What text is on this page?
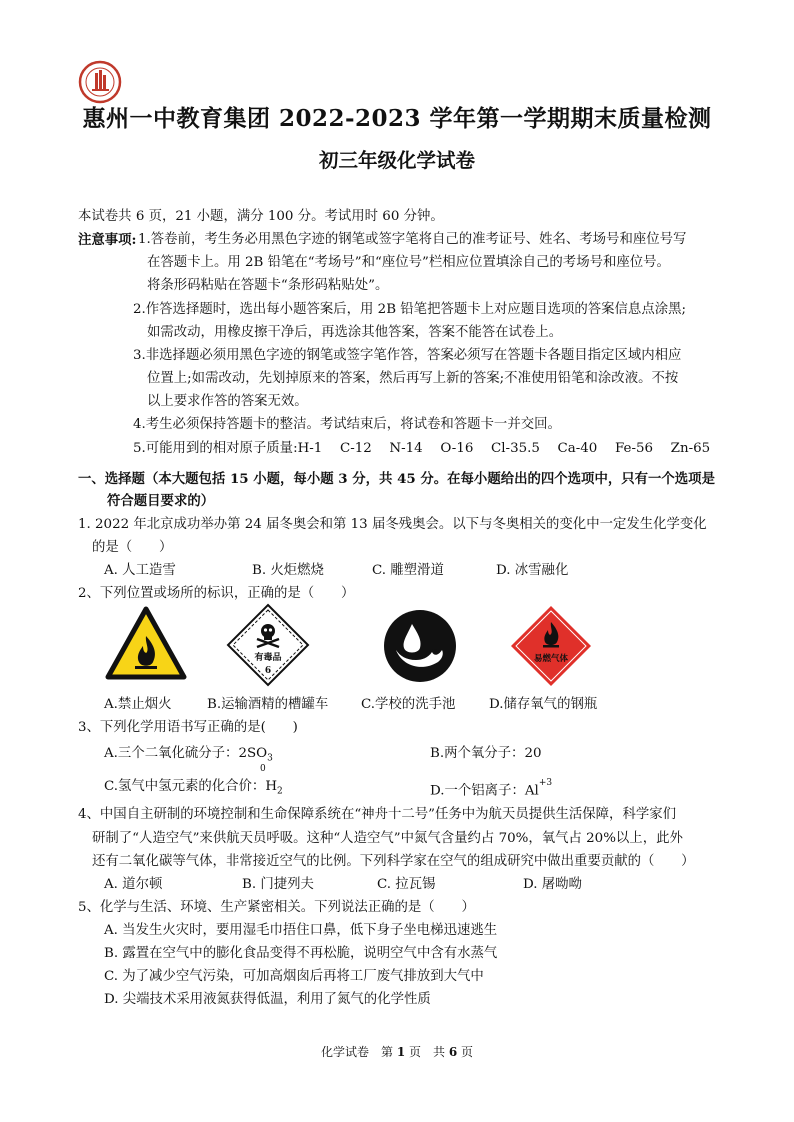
惠州一中教育集团 2022-2023 学年第一学期期末质量检测
初三年级化学试卷
本试卷共 6 页，21 小题，满分 100 分。考试用时 60 分钟。
注意事项: 1.答卷前，考生务必用黑色字迹的钢笔或签字笔将自己的准考证号、姓名、考场号和座位号写
在答题卡上。用 2B 铅笔在“考场号”和“座位号”栏相应位置填涂自己的考场号和座位号。
将条形码粘贴在答题卡“条形码粘贴处”。
2.作答选择题时，选出每小题答案后，用 2B 铅笔把答题卡上对应题目选项的答案信息点涂黑;
如需改动，用橡皮擦干净后，再选涂其他答案，答案不能答在试卷上。
3.非选择题必须用黑色字迹的钢笔或签字笔作答，答案必须写在答题卡各题目指定区域内相应
位置上;如需改动，先划掉原来的答案，然后再写上新的答案;不准使用铅笔和涂改液。不按
以上要求作答的答案无效。
4.考生必须保持答题卡的整洁。考试结束后，将试卷和答题卡一并交回。
5.可能用到的相对原子质量:H-1　 C-12　 N-14　 O-16　 Cl-35.5　 Ca-40　 Fe-56　 Zn-65
一、选择题（本大题包括 15 小题，每小题 3 分，共 45 分。在每小题给出的四个选项中，只有一个选项是
符合题目要求的）
1. 2022 年北京成功举办第 24 届冬奥会和第 13 届冬残奥会。以下与冬奥相关的变化中一定发生化学变化
的是（　　）
A. 人工造雪	B. 火炬燃烧	C. 雕塑滑道	D. 冰雪融化
2、下列位置或场所的标识，正确的是（　　）
有毒品
6
易燃气体
A.禁止烟火	B.运输酒精的槽罐车 C.学校的洗手池	D.储存氧气的钢瓶
3、下列化学用语书写正确的是(　　)
A.三个二氧化硫分子：$2SO_3$	B.两个氧分子：20
C.氢气中氢元素的化合价：$H_2$
0
D.一个铝离子：$Al^{+3}$
4、中国自主研制的环境控制和生命保障系统在“神舟十二号”任务中为航天员提供生活保障，科学家们
研制了“人造空气”来供航天员呼吸。这种“人造空气”中氮气含量约占 70%，氧气占 20%以上，此外
还有二氧化碳等气体，非常接近空气的比例。下列科学家在空气的组成研究中做出重要贡献的（　　）
A. 道尔顿	B. 门捷列夫	C. 拉瓦锡	D. 屠呦呦
5、化学与生活、环境、生产紧密相关。下列说法正确的是（　　）
A. 当发生火灾时，要用湿毛巾捂住口鼻，低下身子坐电梯迅速逃生
B. 露置在空气中的膨化食品变得不再松脆，说明空气中含有水蒸气
C. 为了减少空气污染，可加高烟囱后再将工厂废气排放到大气中
D. 尖端技术采用液氮获得低温，利用了氮气的化学性质
化学试卷　第 1 页　共 6 页
